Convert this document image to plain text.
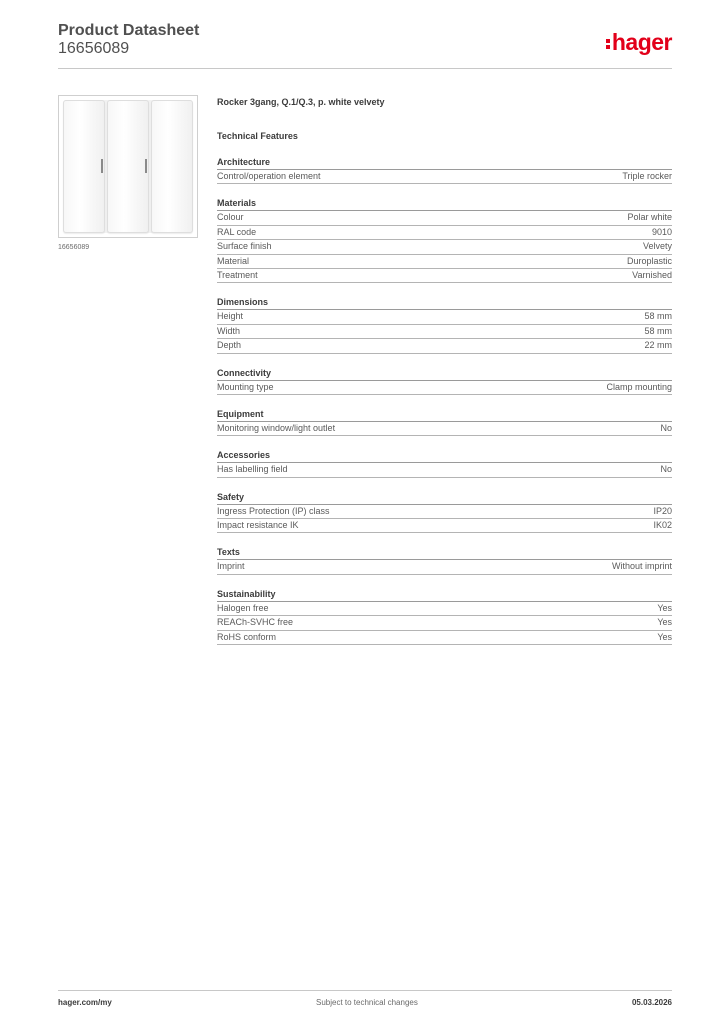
Product Datasheet
16656089	hager
16656089
Rocker 3gang, Q.1/Q.3, p. white velvety
Technical Features
Architecture
Control/operation element	Triple rocker
Materials
Colour	Polar white
RAL code	9010
Surface finish	Velvety
Material	Duroplastic
Treatment	Varnished
Dimensions
Height	58 mm
Width	58 mm
Depth	22 mm
Connectivity
Mounting type	Clamp mounting
Equipment
Monitoring window/light outlet	No
Accessories
Has labelling field	No
Safety
Ingress Protection (IP) class	IP20
Impact resistance IK	IK02
Texts
Imprint	Without imprint
Sustainability
Halogen free	Yes
REACh-SVHC free	Yes
RoHS conform	Yes
hager.com/my	Subject to technical changes	05.03.2026
